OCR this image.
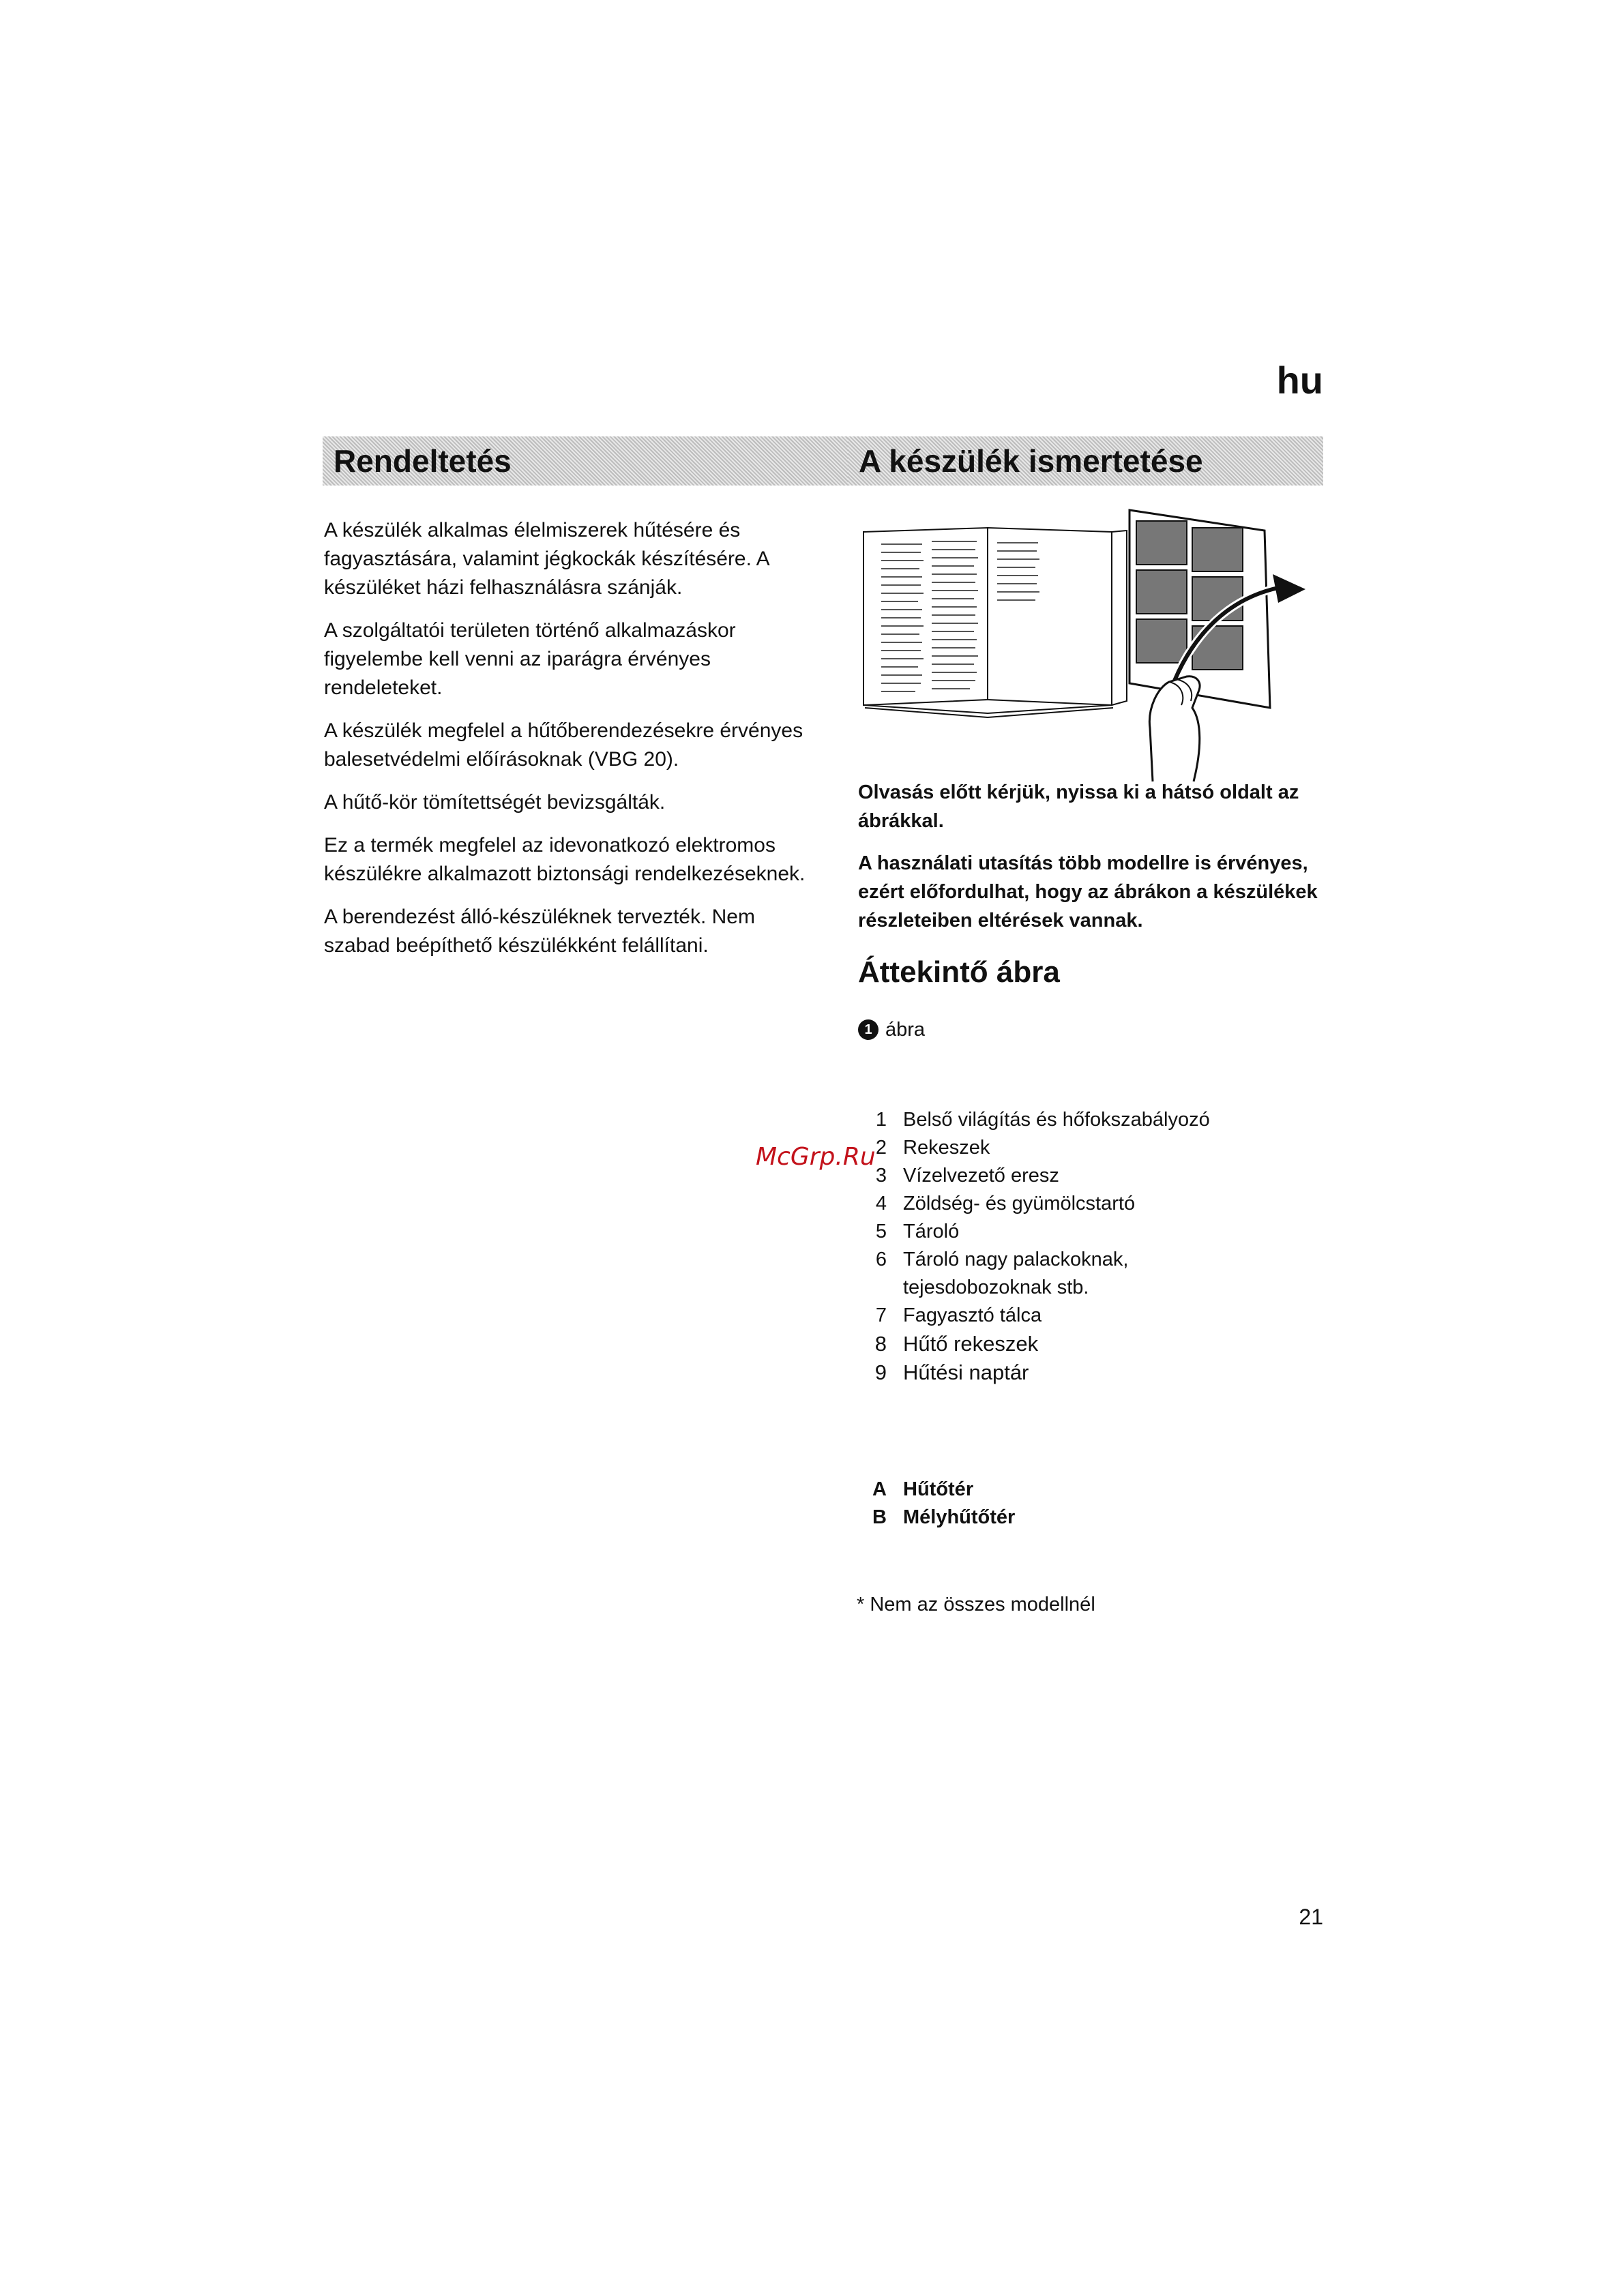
hu
Rendeltetés	A készülék ismertetése

A készülék alkalmas élelmiszerek hűtésére és fagyasztására, valamint jégkockák készítésére. A készüléket házi felhasználásra szánják.

A szolgáltatói területen történő alkalmazáskor figyelembe kell venni az iparágra érvényes rendeleteket.

A készülék megfelel a hűtőberendezésekre érvényes balesetvédelmi előírásoknak (VBG 20).

A hűtő-kör tömítettségét bevizsgálták.

Ez a termék megfelel az idevonatkozó elektromos készülékre alkalmazott biztonsági rendelkezéseknek.

A berendezést álló-készüléknek tervezték. Nem szabad beépíthető készülékként felállítani.

Olvasás előtt kérjük, nyissa ki a hátsó oldalt az ábrákkal.

A használati utasítás több modellre is érvényes, ezért előfordulhat, hogy az ábrákon a készülékek részleteiben eltérések vannak.

Áttekintő ábra
1 ábra
1 Belső világítás és hőfokszabályozó
2 Rekeszek
3 Vízelvezető eresz
4 Zöldség- és gyümölcstartó
5 Tároló
6 Tároló nagy palackoknak, tejesdobozoknak stb.
7 Fagyasztó tálca
8 Hűtő rekeszek
9 Hűtési naptár
A Hűtőtér
B Mélyhűtőtér
* Nem az összes modellnél
McGrp.Ru
21
